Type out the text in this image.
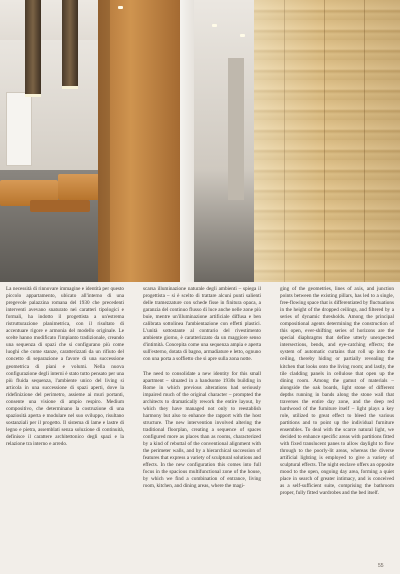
La necessità di rinnovare immagine e identità per questo piccolo appartamento, ubicato all'interno di una pregevole palazzina romana del 1930 che precedenti interventi avevano snaturato nei caratteri tipologici e formali, ha indotto il progettista a un'estrema ristrutturazione planimetrica, con il risultato di accentuare rigore e armonia del modello originale. Le scelte hanno modificato l'impianto tradizionale, creando una sequenza di spazi che si configurano più come luoghi che come stanze, caratterizzati da un rifiuto del concetto di separazione a favore di una successione geometrica di piani e volumi. Nella nuova configurazione degli interni è stato tutto pensato per una più fluida sequenza, l'ambiente unico del living si articola in una successione di spazi aperti, dove la ridefinizione del perimetro, assieme ai muri portanti, consente una visione di ampio respiro. Medium compositivo, che determinano la costruzione di una spaziosità aperta e modulare nel suo sviluppo, risultano sostanziali per il progetto. Il sistema di lame e lastre di legno e pietra, assemblati senza soluzione di continuità, definisce il carattere architettonico degli spazi e la relazione tra interno e arredo.

scarsa illuminazione naturale degli ambienti – spiega il progettista – si è scelto di trattare alcuni punti salienti delle tramezzature con schede fisse in finitura opaca, a garanzia del continuo flusso di luce anche nelle zone più buie, mentre un'illuminazione artificiale diffusa e ben calibrata sottolinea l'ambientazione con effetti plastici. L'unità sottostante al contrario del rivestimento ambiente giorno, è caratterizzato da un maggiore senso d'intimità. Concepita come una sequenza ampia e aperta sull'esterno, dotata di bagno, armadiature e letto, ognuno con una porta a soffietto che si apre sulla zona notte.

The need to consolidate a new identity for this small apartment – situated in a handsome 1930s building in Rome in which previous alterations had seriously impaired much of the original character – prompted the architects to dramatically rework the entire layout, by which they have managed not only to reestablish harmony but also to enhance the rapport with the host structure. The new intervention involved altering the traditional floorplan, creating a sequence of spaces configured more as places than as rooms, characterized by a kind of rebuttal of the conventional alignment with the perimeter walls, and by a hierarchical succession of features that express a variety of sculptural solutions and effects. In the new configuration this comes into full focus in the spacious multifunctional zone of the house, by which we find a combination of entrance, living room, kitchen, and dining areas, where the magi-

ging of the geometries, lines of axis, and junction points between the existing pillars, has led to a single, free-flowing space that is differentiated by fluctuations in the height of the dropped ceilings, and filtered by a series of dynamic thresholds. Among the principal compositional agents determining the construction of this open, ever-shifting series of horizons are the special diaphragms that define utterly unexpected intersections, bends, and eye-catching effects; the system of automatic curtains that roll up into the ceiling, thereby hiding or partially revealing the kitchen that looks onto the living room; and lastly, the tile cladding panels in cellulose that open up the dining room. Among the gamut of materials – alongside the oak boards, light stone of different depths running in bands along the stone wall that traverses the entire day zone, and the deep red hardwood of the furniture itself – light plays a key role, utilized to great effect to bleed the various partitions and to point up the individual furniture ensembles. To deal with the scarce natural light, we decided to enhance specific areas with partitions fitted with fixed translucent panes to allow daylight to flow through to the poorly-lit areas, whereas the diverse artificial lighting is employed to give a variety of sculptural effects. The night enclave offers an opposite mood to the open, ongoing day area, forming a quiet place in search of greater intimacy, and is conceived as a self-sufficient suite, comprising the bathroom proper, fully fitted wardrobes and the bed itself.

55
